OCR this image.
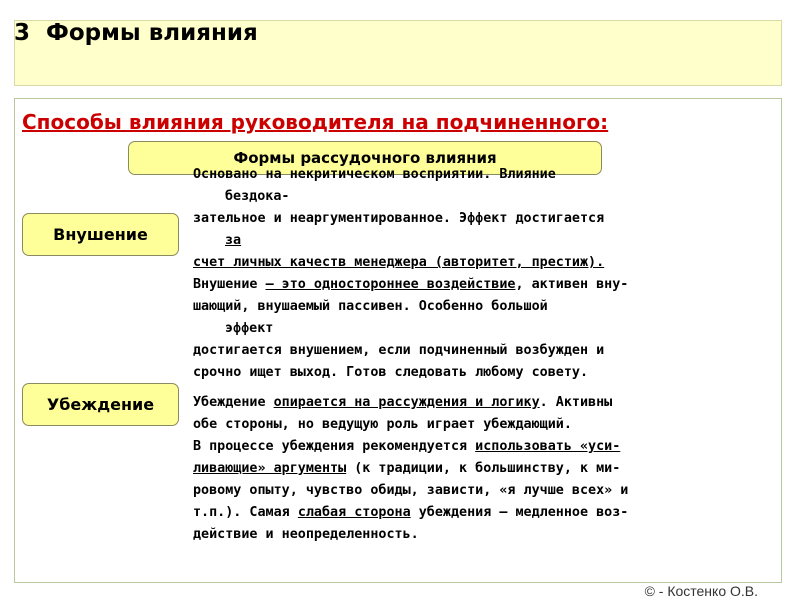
3 Формы влияния
Способы влияния руководителя на подчиненного:
Формы рассудочного влияния
Внушение
Основано на некритическом восприятии. Влияние
бездока-
зательное и неаргументированное. Эффект достигается
за
счет личных качеств менеджера (авторитет, престиж).
Внушение – это одностороннее воздействие, активен вну-
шающий, внушаемый пассивен. Особенно большой
эффект
достигается внушением, если подчиненный возбужден и
срочно ищет выход. Готов следовать любому совету.
Убеждение	Убеждение опирается на рассуждения и логику. Активны
обе стороны, но ведущую роль играет убеждающий.
В процессе убеждения рекомендуется использовать «уси-
ливающие» аргументы (к традиции, к большинству, к ми-
ровому опыту, чувство обиды, зависти, «я лучше всех» и
т.п.). Самая слабая сторона убеждения – медленное воз-
действие и неопределенность.
© - Костенко О.В.
